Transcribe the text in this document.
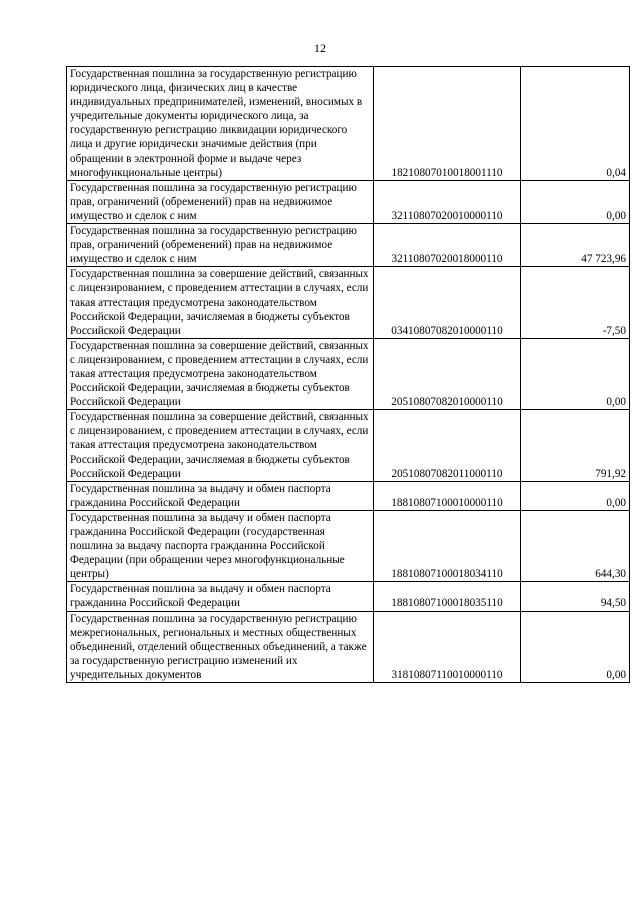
12
Государственная пошлина за государственную регистрацию юридического лица, физических лиц в качестве индивидуальных предпринимателей, изменений, вносимых в учредительные документы юридического лица, за государственную регистрацию ликвидации юридического лица и другие юридически значимые действия (при обращении в электронной форме и выдаче через многофункциональные центры)	18210807010018001110	0,04
Государственная пошлина за государственную регистрацию прав, ограничений (обременений) прав на недвижимое имущество и сделок с ним	32110807020010000110	0,00
Государственная пошлина за государственную регистрацию прав, ограничений (обременений) прав на недвижимое имущество и сделок с ним	32110807020018000110	47 723,96
Государственная пошлина за совершение действий, связанных с лицензированием, с проведением аттестации в случаях, если такая аттестация предусмотрена законодательством Российской Федерации, зачисляемая в бюджеты субъектов Российской Федерации	03410807082010000110	-7,50
Государственная пошлина за совершение действий, связанных с лицензированием, с проведением аттестации в случаях, если такая аттестация предусмотрена законодательством Российской Федерации, зачисляемая в бюджеты субъектов Российской Федерации	20510807082010000110	0,00
Государственная пошлина за совершение действий, связанных с лицензированием, с проведением аттестации в случаях, если такая аттестация предусмотрена законодательством Российской Федерации, зачисляемая в бюджеты субъектов Российской Федерации	20510807082011000110	791,92
Государственная пошлина за выдачу и обмен паспорта гражданина Российской Федерации	18810807100010000110	0,00
Государственная пошлина за выдачу и обмен паспорта гражданина Российской Федерации (государственная пошлина за выдачу паспорта гражданина Российской Федерации (при обращении через многофункциональные центры)	18810807100018034110	644,30
Государственная пошлина за выдачу и обмен паспорта гражданина Российской Федерации	18810807100018035110	94,50
Государственная пошлина за государственную регистрацию межрегиональных, региональных и местных общественных объединений, отделений общественных объединений, а также за государственную регистрацию изменений их учредительных документов	31810807110010000110	0,00
